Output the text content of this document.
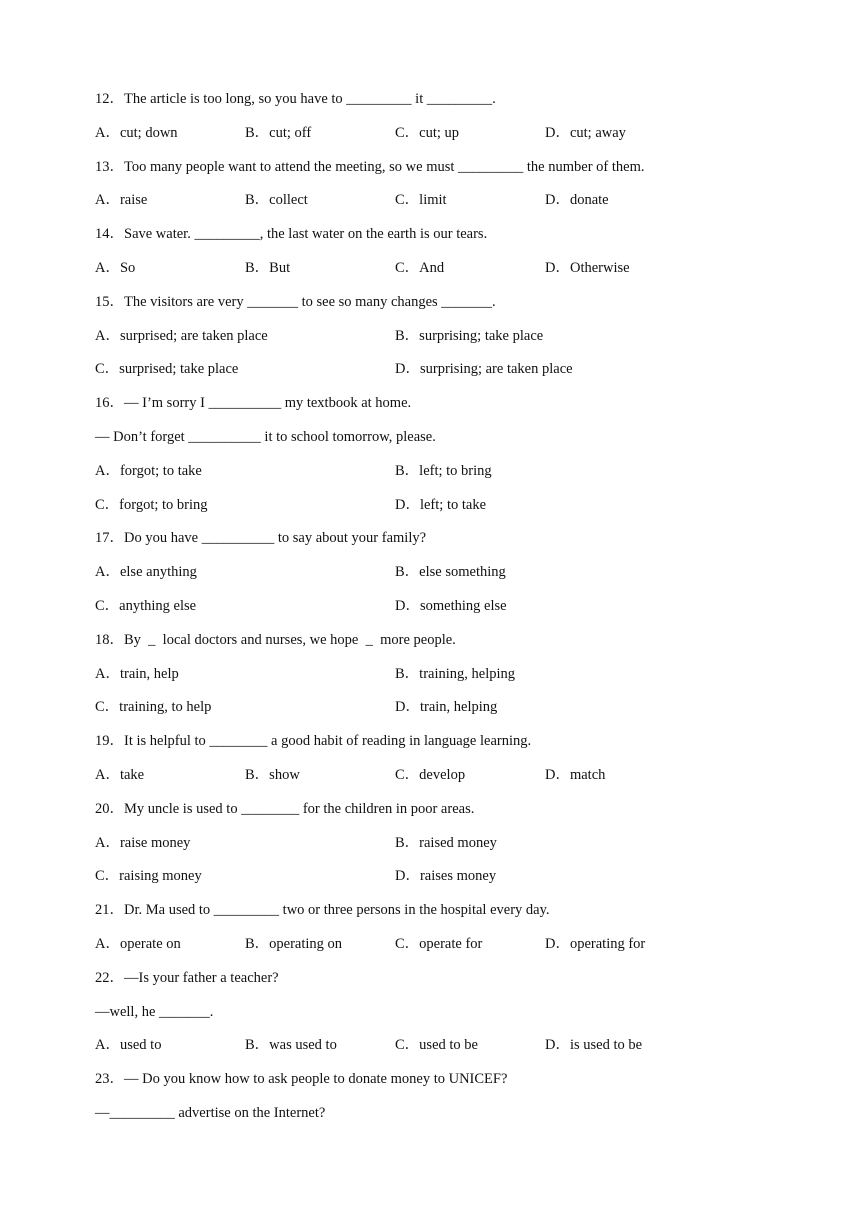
12．The article is too long, so you have to _________ it _________.
A．cut; down	B．cut; off	C．cut; up	D．cut; away
13．Too many people want to attend the meeting, so we must _________ the number of them.
A．raise	B．collect	C．limit	D．donate
14．Save water. _________, the last water on the earth is our tears.
A．So	B．But	C．And	D．Otherwise
15．The visitors are very _______ to see so many changes _______.
A．surprised; are taken place	B．surprising; take place
C．surprised; take place	D．surprising; are taken place
16．— I’m sorry I __________ my textbook at home.
— Don’t forget __________ it to school tomorrow, please.
A．forgot; to take	B．left; to bring
C．forgot; to bring	D．left; to take
17．Do you have __________ to say about your family?
A．else anything	B．else something
C．anything else	D．something else
18．By  _  local doctors and nurses, we hope  _  more people.
A．train, help	B．training, helping
C．training, to help	D．train, helping
19．It is helpful to ________ a good habit of reading in language learning.
A．take	B．show	C．develop	D．match
20．My uncle is used to ________ for the children in poor areas.
A．raise money	B．raised money
C．raising money	D．raises money
21．Dr. Ma used to _________ two or three persons in the hospital every day.
A．operate on	B．operating on	C．operate for	D．operating for
22．—Is your father a teacher?
—well, he _______.
A．used to	B．was used to	C．used to be	D．is used to be
23．— Do you know how to ask people to donate money to UNICEF?
—_________ advertise on the Internet?
